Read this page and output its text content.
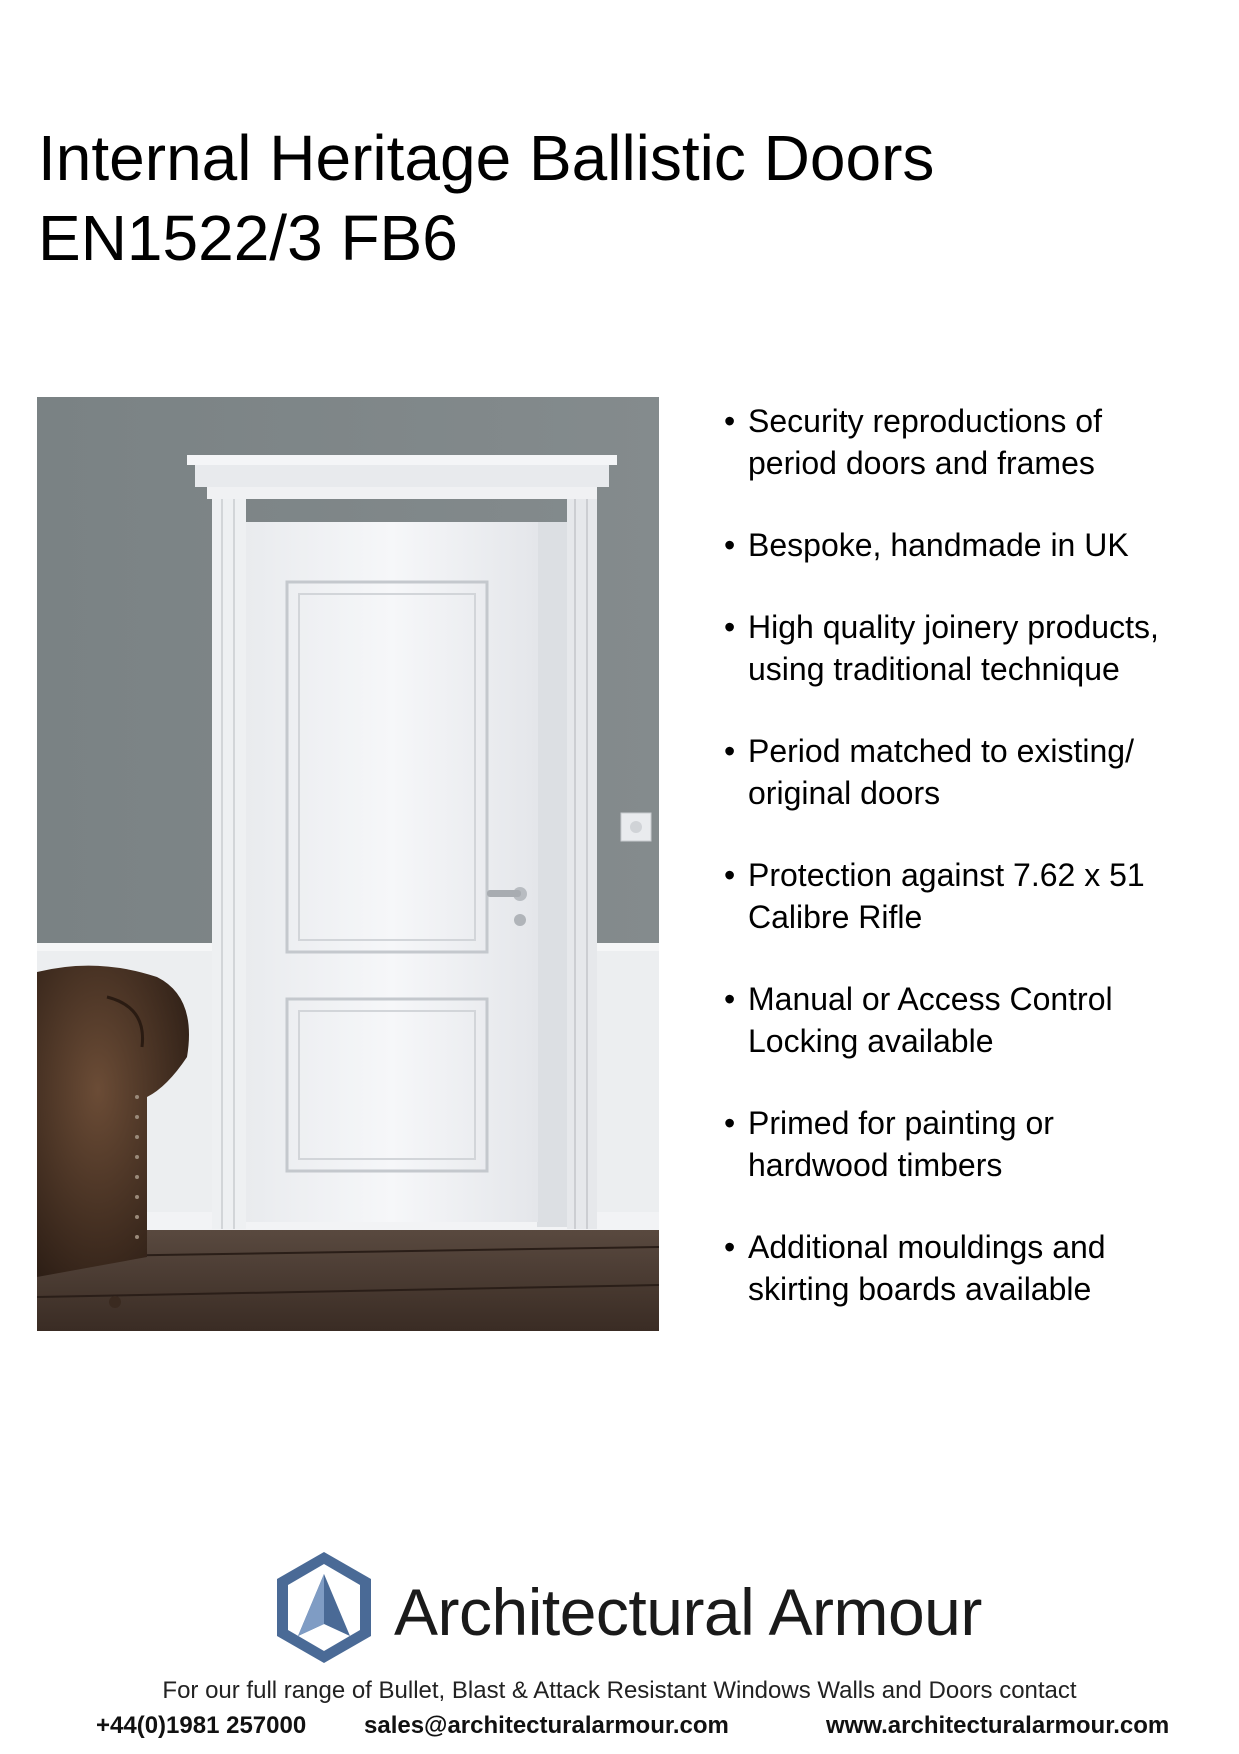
Internal Heritage Ballistic Doors
EN1522/3 FB6
• Security reproductions of
period doors and frames
• Bespoke, handmade in UK
• High quality joinery products,
using traditional technique
• Period matched to existing/
original doors
• Protection against 7.62 x 51
Calibre Rifle
• Manual or Access Control
Locking available
• Primed for painting or
hardwood timbers
• Additional mouldings and
skirting boards available
Architectural Armour
For our full range of Bullet, Blast & Attack Resistant Windows Walls and Doors contact
+44(0)1981 257000 sales@architecturalarmour.com	www.architecturalarmour.com
